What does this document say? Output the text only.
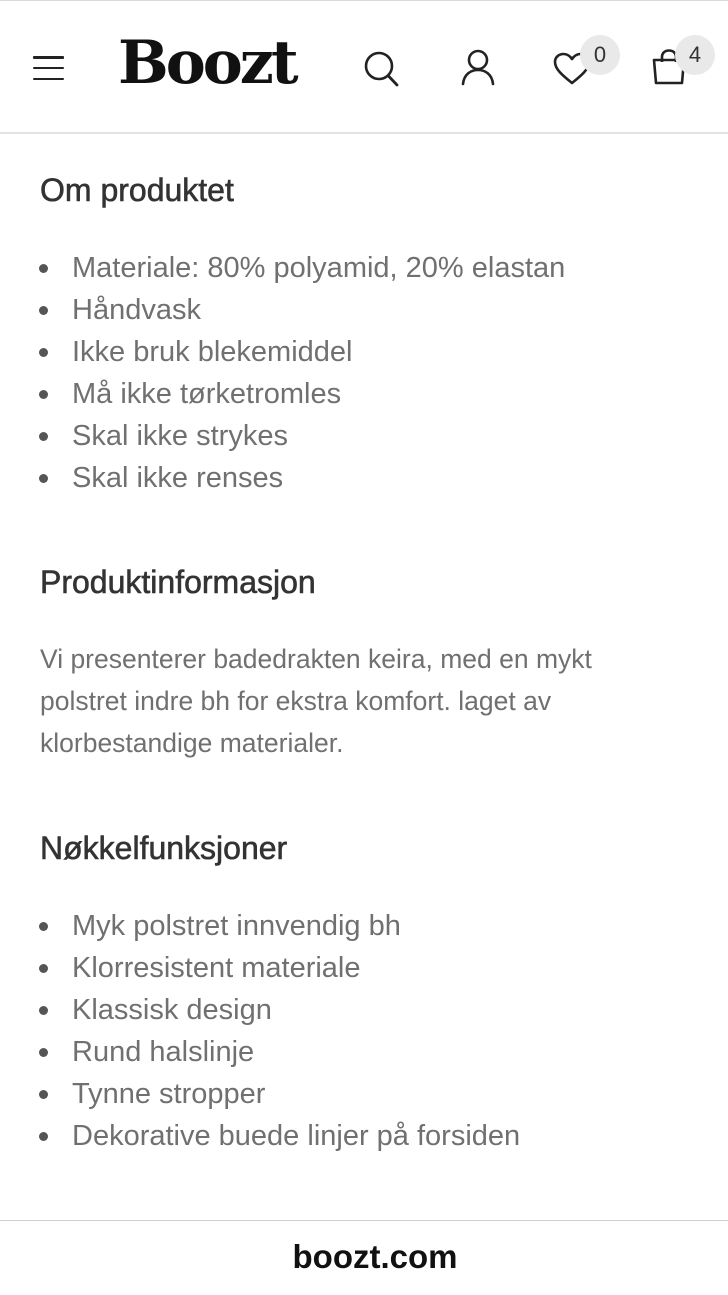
Boozt	0	4
Om produktet
Materiale: 80% polyamid, 20% elastan
Håndvask
Ikke bruk blekemiddel
Må ikke tørketromles
Skal ikke strykes
Skal ikke renses
Produktinformasjon
Vi presenterer badedrakten keira, med en mykt
polstret indre bh for ekstra komfort. laget av
klorbestandige materialer.
Nøkkelfunksjoner
Myk polstret innvendig bh
Klorresistent materiale
Klassisk design
Rund halslinje
Tynne stropper
Dekorative buede linjer på forsiden
boozt.com
